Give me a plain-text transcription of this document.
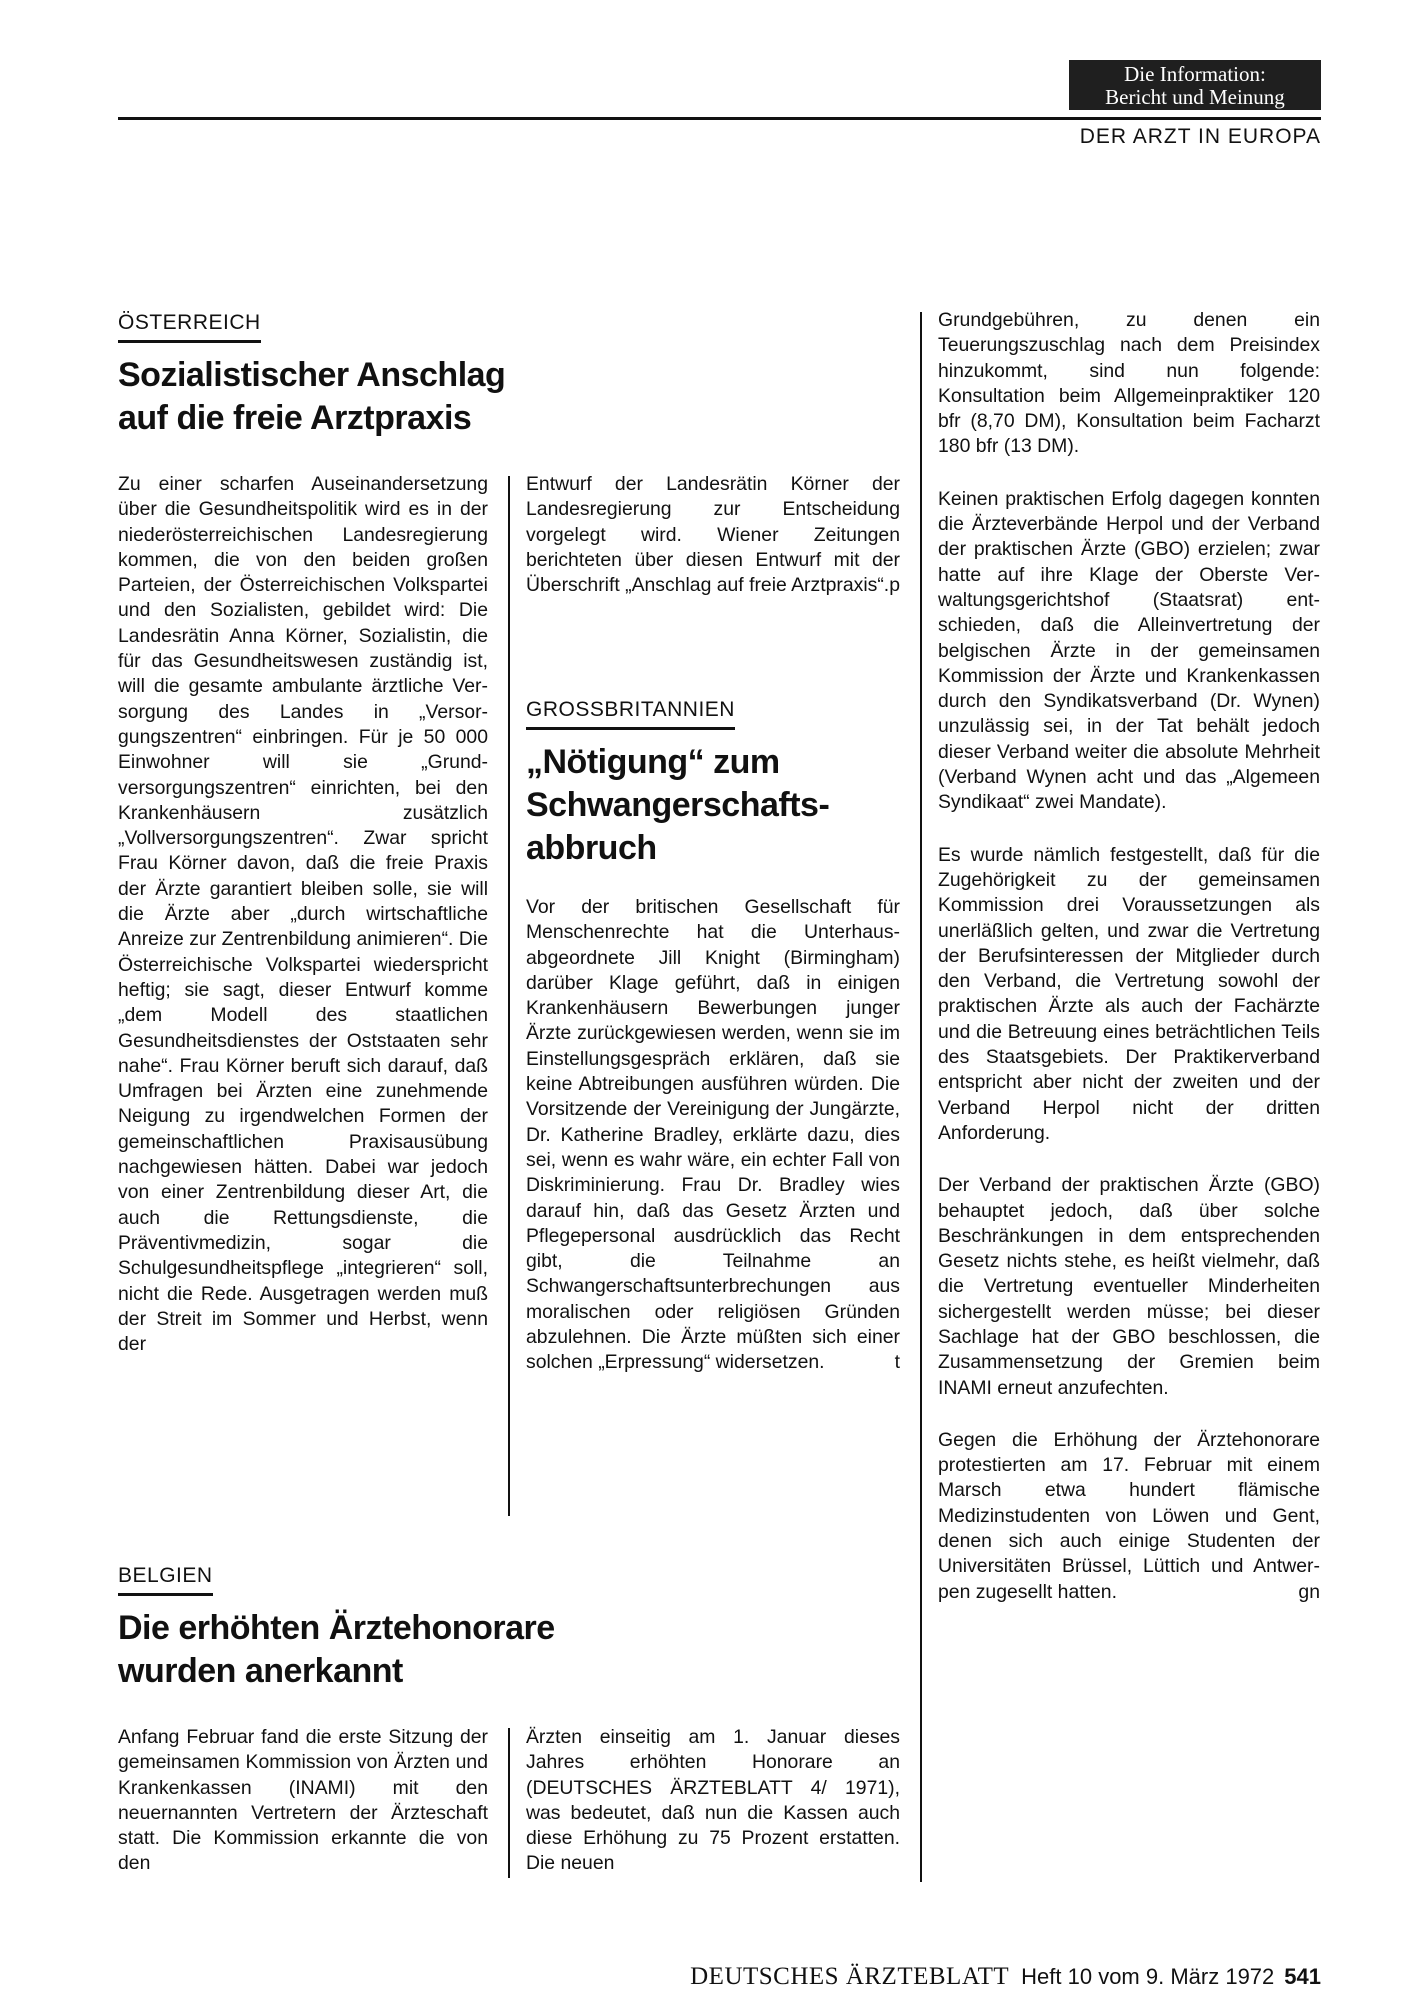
Die Information:
Bericht und Meinung
DER ARZT IN EUROPA
ÖSTERREICH
Sozialistischer Anschlag auf die freie Arztpraxis
Zu einer scharfen Auseinandersetzung über die Gesundheitspolitik wird es in der niederösterreichischen Landesregierung kommen, die von den beiden großen Parteien, der Österreichischen Volkspartei und den Sozialisten, gebildet wird: Die Landesrätin Anna Körner, Sozialistin, die für das Gesundheitswesen zuständig ist, will die gesamte ambulante ärztliche Versorgung des Landes in „Versorgungszentren“ einbringen. Für je 50 000 Einwohner will sie „Grundversorgungszentren“ einrichten, bei den Krankenhäusern zusätzlich „Vollversorgungszentren“. Zwar spricht Frau Körner davon, daß die freie Praxis der Ärzte garantiert bleiben solle, sie will die Ärzte aber „durch wirtschaftliche Anreize zur Zentrenbildung animieren“. Die Österreichische Volkspartei wiederspricht heftig; sie sagt, dieser Entwurf komme „dem Modell des staatlichen Gesundheitsdienstes der Oststaaten sehr nahe“. Frau Körner beruft sich darauf, daß Umfragen bei Ärzten eine zunehmende Neigung zu irgendwelchen Formen der gemeinschaftlichen Praxisausübung nachgewiesen hätten. Dabei war jedoch von einer Zentrenbildung dieser Art, die auch die Rettungsdienste, die Präventivmedizin, sogar die Schulgesundheitspflege „integrieren“ soll, nicht die Rede. Ausgetragen werden muß der Streit im Sommer und Herbst, wenn der
Entwurf der Landesrätin Körner der Landesregierung zur Entscheidung vorgelegt wird. Wiener Zeitungen berichteten über diesen Entwurf mit der Überschrift „Anschlag auf freie Arztpraxis“. p
GROSSBRITANNIEN
„Nötigung“ zum Schwangerschaftsabbruch
Vor der britischen Gesellschaft für Menschenrechte hat die Unterhausabgeordnete Jill Knight (Birmingham) darüber Klage geführt, daß in einigen Krankenhäusern Bewerbungen junger Ärzte zurückgewiesen werden, wenn sie im Einstellungsgespräch erklären, daß sie keine Abtreibungen ausführen würden. Die Vorsitzende der Vereinigung der Jungärzte, Dr. Katherine Bradley, erklärte dazu, dies sei, wenn es wahr wäre, ein echter Fall von Diskriminierung. Frau Dr. Bradley wies darauf hin, daß das Gesetz Ärzten und Pflegepersonal ausdrücklich das Recht gibt, die Teilnahme an Schwangerschaftsunterbrechungen aus moralischen oder religiösen Gründen abzulehnen. Die Ärzte müßten sich einer solchen „Erpressung“ widersetzen.	t
BELGIEN
Die erhöhten Ärztehonorare wurden anerkannt
Anfang Februar fand die erste Sitzung der gemeinsamen Kommission von Ärzten und Krankenkassen (INAMI) mit den neuernannten Vertretern der Ärzteschaft statt. Die Kommission erkannte die von den
Ärzten einseitig am 1. Januar dieses Jahres erhöhten Honorare an (DEUTSCHES ÄRZTEBLATT 4/ 1971), was bedeutet, daß nun die Kassen auch diese Erhöhung zu 75 Prozent erstatten. Die neuen

Grundgebühren, zu denen ein Teuerungszuschlag nach dem Preisindex hinzukommt, sind nun folgende: Konsultation beim Allgemeinpraktiker 120 bfr (8,70 DM), Konsultation beim Facharzt 180 bfr (13 DM).

Keinen praktischen Erfolg dagegen konnten die Ärzteverbände Herpol und der Verband der praktischen Ärzte (GBO) erzielen; zwar hatte auf ihre Klage der Oberste Verwaltungsgerichtshof (Staatsrat) entschieden, daß die Alleinvertretung der belgischen Ärzte in der gemeinsamen Kommission der Ärzte und Krankenkassen durch den Syndikatsverband (Dr. Wynen) unzulässig sei, in der Tat behält jedoch dieser Verband weiter die absolute Mehrheit (Verband Wynen acht und das „Algemeen Syndikaat“ zwei Mandate).

Es wurde nämlich festgestellt, daß für die Zugehörigkeit zu der gemeinsamen Kommission drei Voraussetzungen als unerläßlich gelten, und zwar die Vertretung der Berufsinteressen der Mitglieder durch den Verband, die Vertretung sowohl der praktischen Ärzte als auch der Fachärzte und die Betreuung eines beträchtlichen Teils des Staatsgebiets. Der Praktikerverband entspricht aber nicht der zweiten und der Verband Herpol nicht der dritten Anforderung.

Der Verband der praktischen Ärzte (GBO) behauptet jedoch, daß über solche Beschränkungen in dem entsprechenden Gesetz nichts stehe, es heißt vielmehr, daß die Vertretung eventueller Minderheiten sichergestellt werden müsse; bei dieser Sachlage hat der GBO beschlossen, die Zusammensetzung der Gremien beim INAMI erneut anzufechten.

Gegen die Erhöhung der Ärztehonorare protestierten am 17. Februar mit einem Marsch etwa hundert flämische Medizinstudenten von Löwen und Gent, denen sich auch einige Studenten der Universitäten Brüssel, Lüttich und Antwerpen zugesellt hatten.	gn

DEUTSCHES ÄRZTEBLATT Heft 10 vom 9. März 1972 541
